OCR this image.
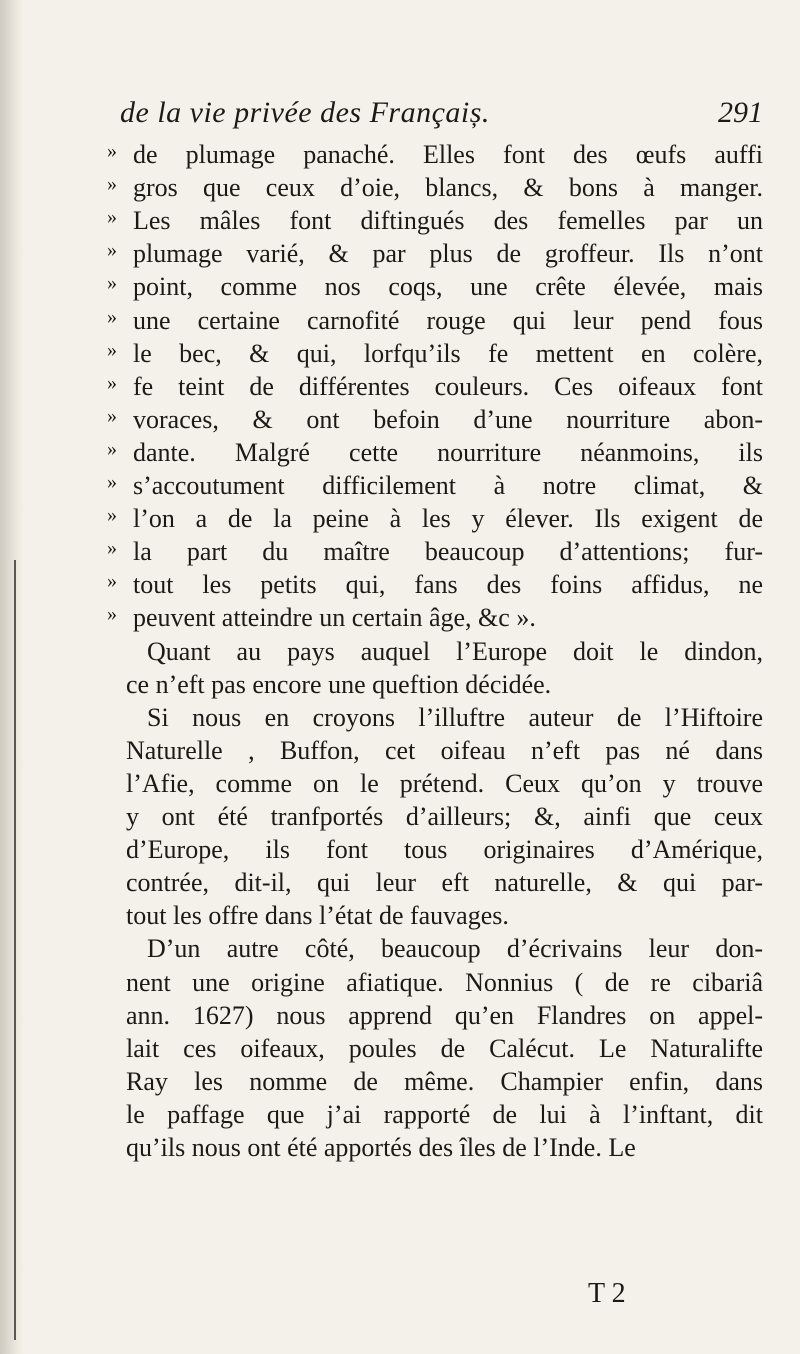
de la vie privée des Françaiș.	291
» de plumage panaché. Elles font des œufs auffi
» gros que ceux d’oie, blancs, & bons à manger.
» Les mâles font diftingués des femelles par un
» plumage varié, & par plus de groffeur. Ils n’ont
» point, comme nos coqs, une crête élevée, mais
» une certaine carnofité rouge qui leur pend fous
» le bec, & qui, lorfqu’ils fe mettent en colère,
» fe teint de différentes couleurs. Ces oifeaux font
» voraces, & ont befoin d’une nourriture abon-
» dante. Malgré cette nourriture néanmoins, ils
» s’accoutument difficilement à notre climat, &
» l’on a de la peine à les y élever. Ils exigent de
» la part du maître beaucoup d’attentions; fur-
» tout les petits qui, fans des foins affidus, ne
» peuvent atteindre un certain âge, &c ».
Quant au pays auquel l’Europe doit le dindon,
ce n’eft pas encore une queftion décidée.
Si nous en croyons l’illuftre auteur de l’Hiftoire
Naturelle , Buffon, cet oifeau n’eft pas né dans
l’Afie, comme on le prétend. Ceux qu’on y trouve
y ont été tranfportés d’ailleurs; &, ainfi que ceux
d’Europe, ils font tous originaires d’Amérique,
contrée, dit-il, qui leur eft naturelle, & qui par-
tout les offre dans l’état de fauvages.
D’un autre côté, beaucoup d’écrivains leur don-
nent une origine afiatique. Nonnius ( de re cibariâ
ann. 1627) nous apprend qu’en Flandres on appel-
lait ces oifeaux, poules de Calécut. Le Naturalifte
Ray les nomme de même. Champier enfin, dans
le paffage que j’ai rapporté de lui à l’inftant, dit
qu’ils nous ont été apportés des îles de l’Inde. Le
T 2
